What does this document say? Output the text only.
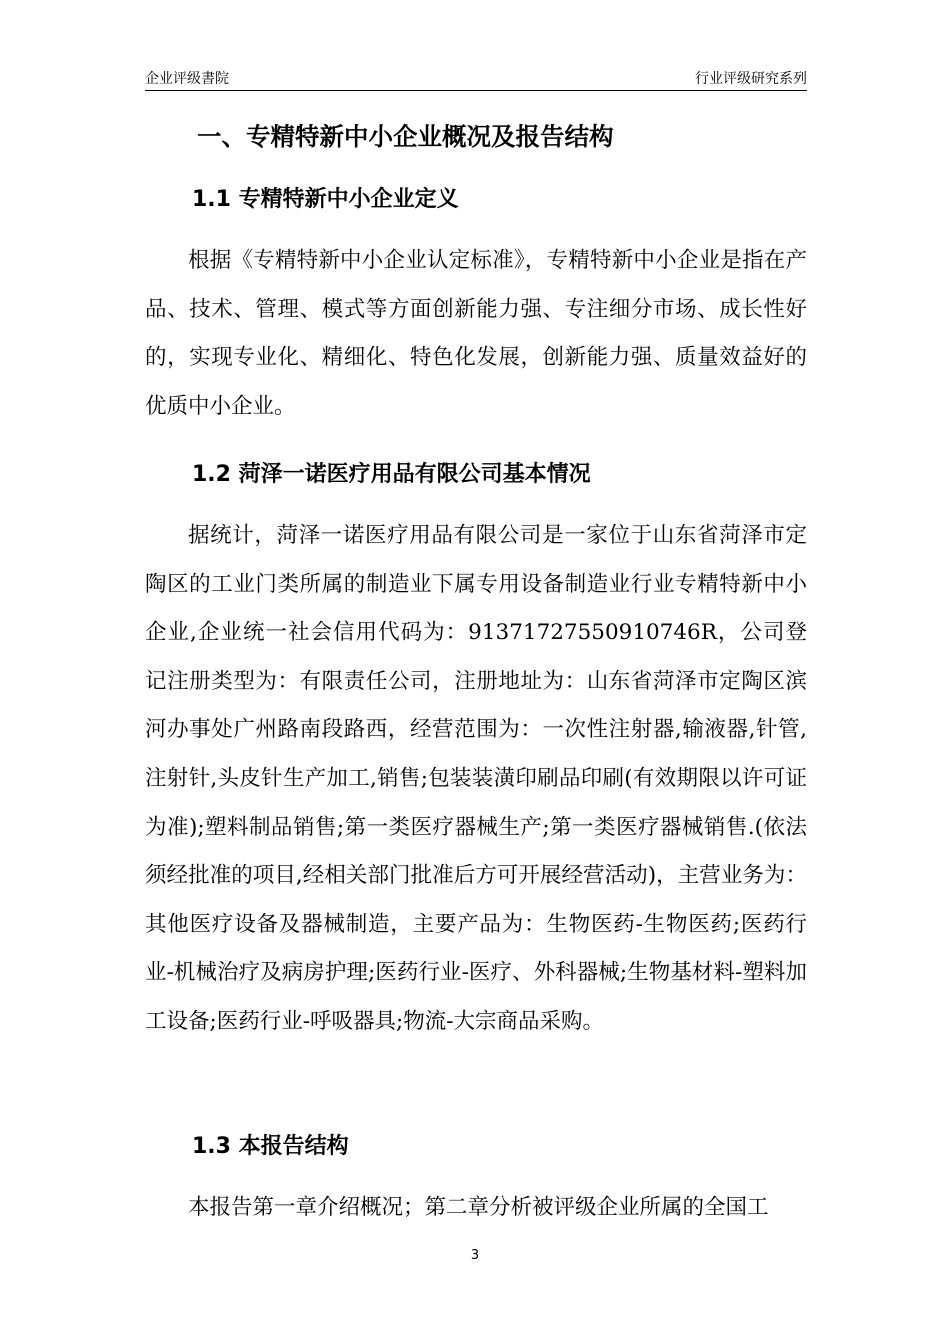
企业评级書院	行业评级研究系列
一、专精特新中小企业概况及报告结构
1.1 专精特新中小企业定义

根据《专精特新中小企业认定标准》，专精特新中小企业是指在产品、技术、管理、模式等方面创新能力强、专注细分市场、成长性好的，实现专业化、精细化、特色化发展，创新能力强、质量效益好的优质中小企业。

1.2 菏泽一诺医疗用品有限公司基本情况

据统计，菏泽一诺医疗用品有限公司是一家位于山东省菏泽市定陶区的工业门类所属的制造业下属专用设备制造业行业专精特新中小企业,企业统一社会信用代码为：91371727550910746R，公司登记注册类型为：有限责任公司，注册地址为：山东省菏泽市定陶区滨河办事处广州路南段路西，经营范围为：一次性注射器,输液器,针管,注射针,头皮针生产加工,销售;包装装潢印刷品印刷(有效期限以许可证为准);塑料制品销售;第一类医疗器械生产;第一类医疗器械销售.(依法须经批准的项目,经相关部门批准后方可开展经营活动)，主营业务为：其他医疗设备及器械制造，主要产品为：生物医药-生物医药;医药行业-机械治疗及病房护理;医药行业-医疗、外科器械;生物基材料-塑料加工设备;医药行业-呼吸器具;物流-大宗商品采购。

1.3 本报告结构

本报告第一章介绍概况；第二章分析被评级企业所属的全国工

3
